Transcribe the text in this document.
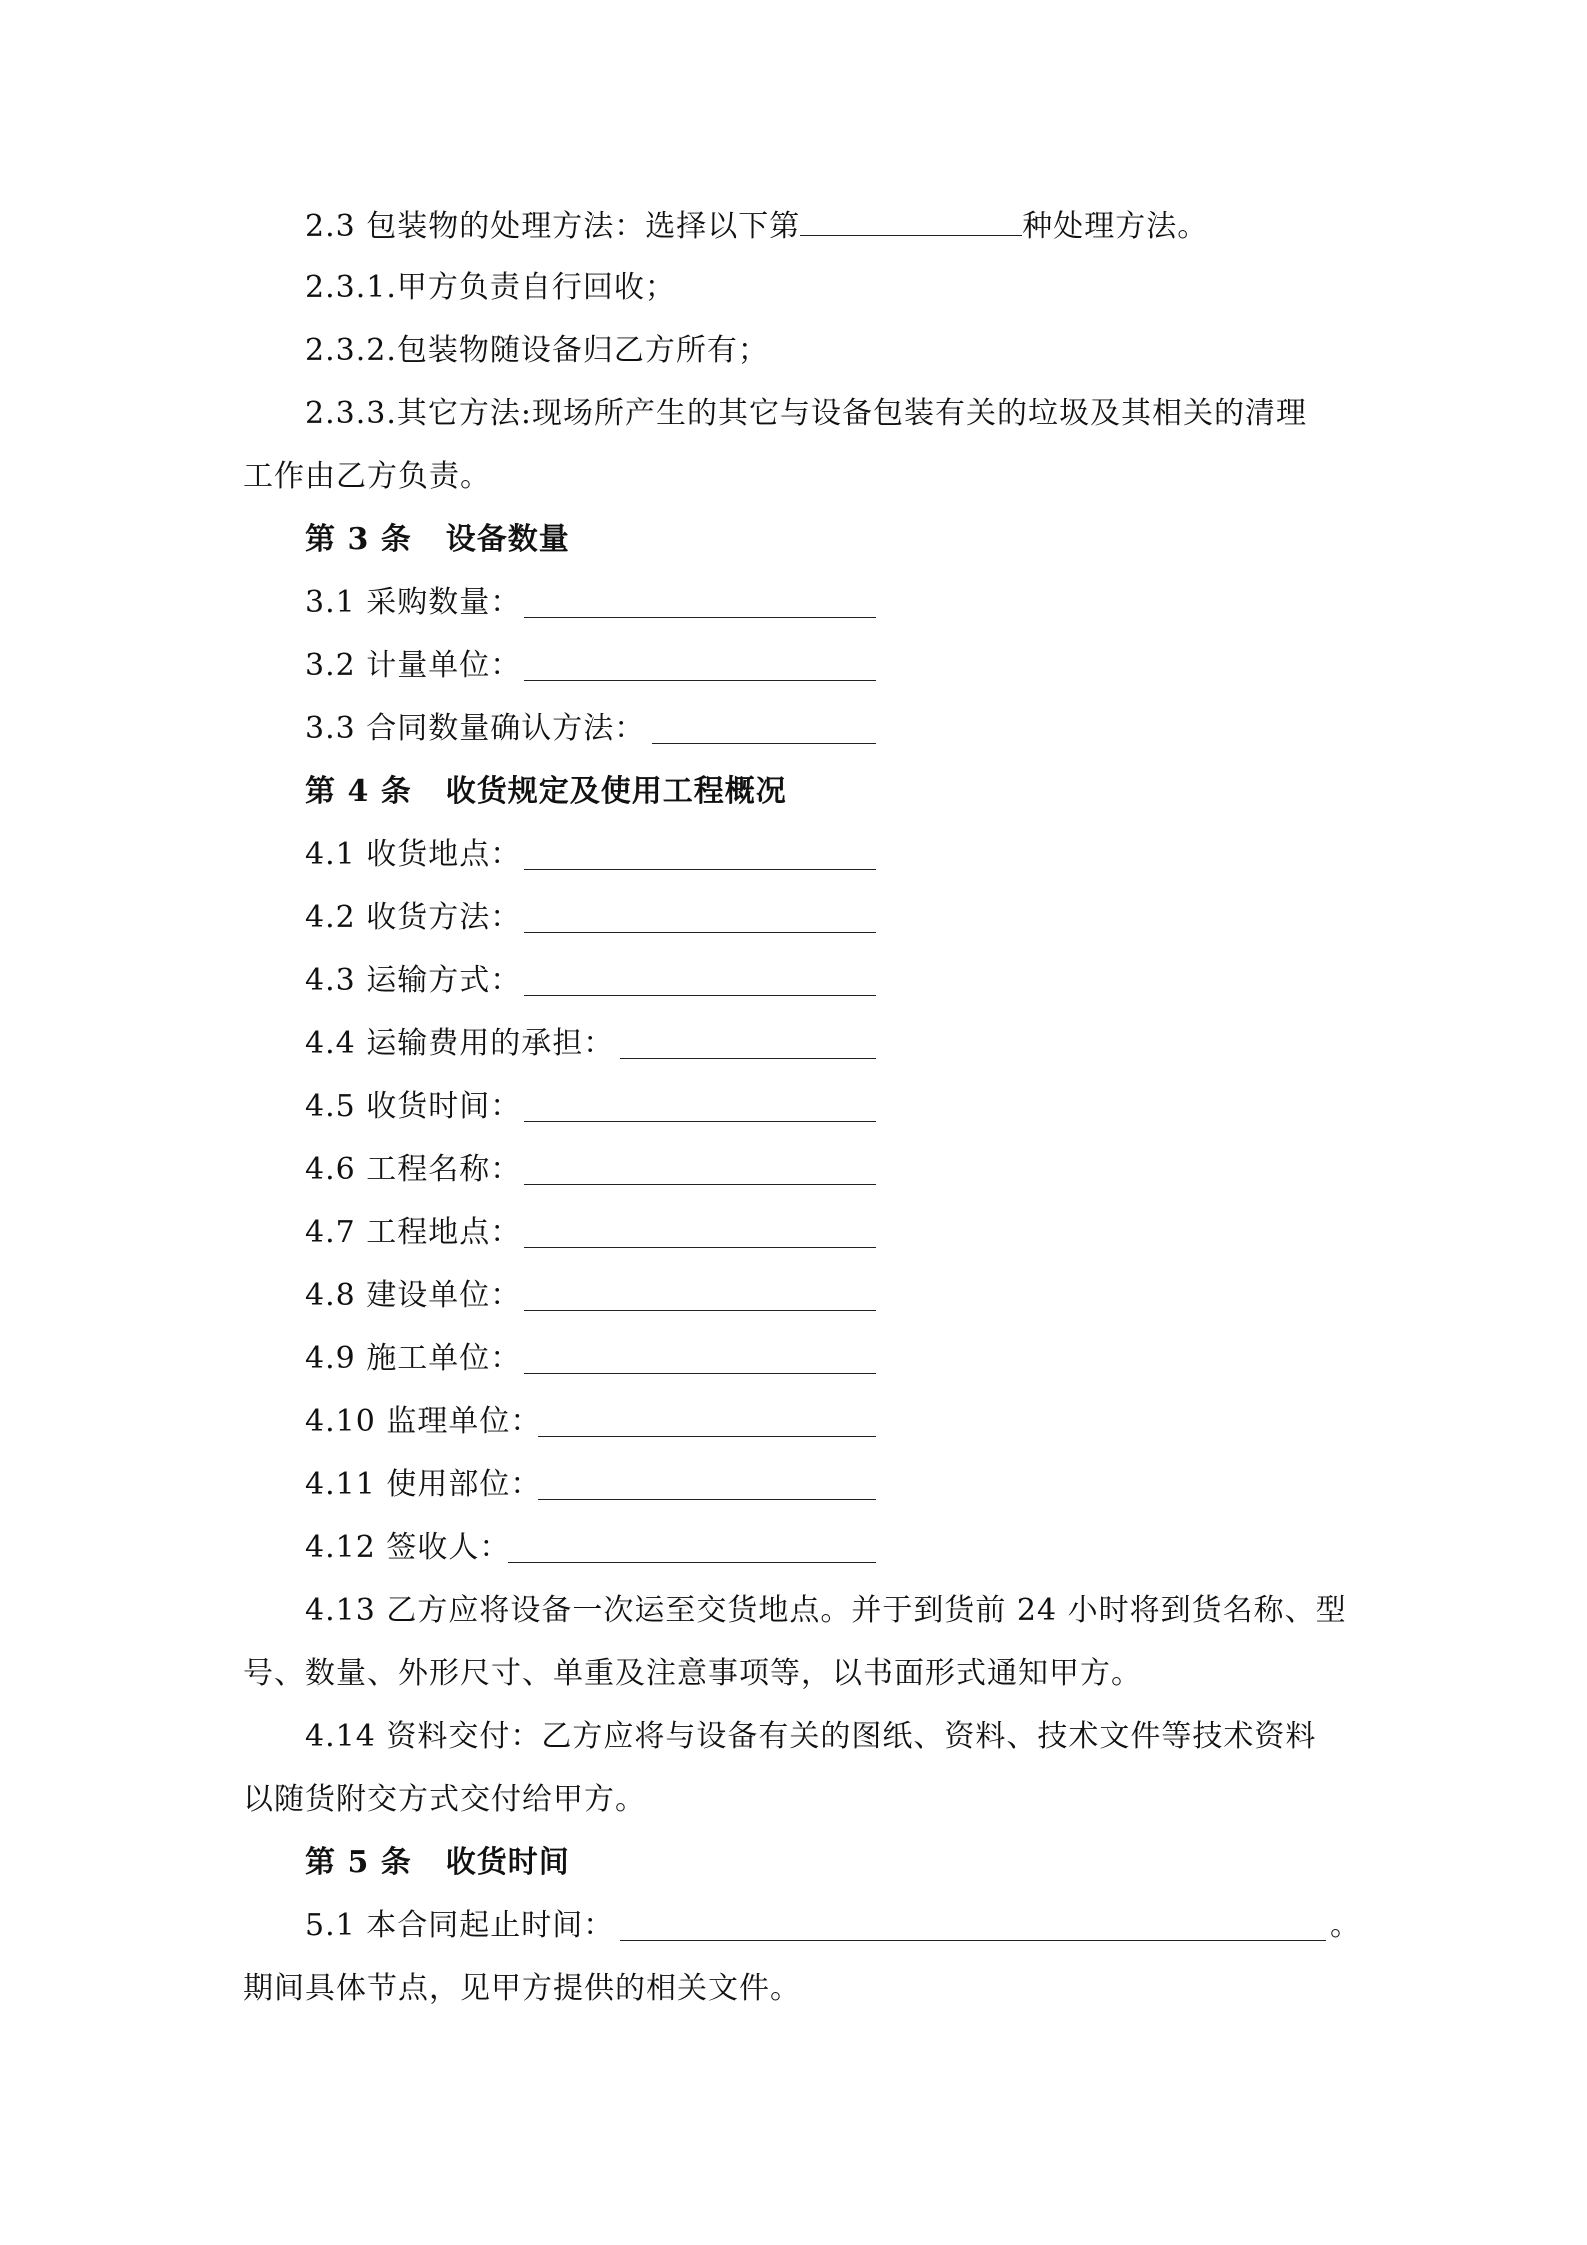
2.3 包装物的处理方法：选择以下第	种处理方法。
2.3.1.甲方负责自行回收；
2.3.2.包装物随设备归乙方所有；
2.3.3.其它方法:现场所产生的其它与设备包装有关的垃圾及其相关的清理
工作由乙方负责。
第 3 条 设备数量
3.1 采购数量：
3.2 计量单位：
3.3 合同数量确认方法：
第 4 条 收货规定及使用工程概况
4.1 收货地点：
4.2 收货方法：
4.3 运输方式：
4.4 运输费用的承担：
4.5 收货时间：
4.6 工程名称：
4.7 工程地点：
4.8 建设单位：
4.9 施工单位：
4.10 监理单位：
4.11 使用部位：
4.12 签收人：
4.13 乙方应将设备一次运至交货地点。并于到货前 24 小时将到货名称、型
号、数量、外形尺寸、单重及注意事项等，以书面形式通知甲方。
4.14 资料交付：乙方应将与设备有关的图纸、资料、技术文件等技术资料
以随货附交方式交付给甲方。
第 5 条 收货时间
5.1 本合同起止时间：	。
期间具体节点，见甲方提供的相关文件。
